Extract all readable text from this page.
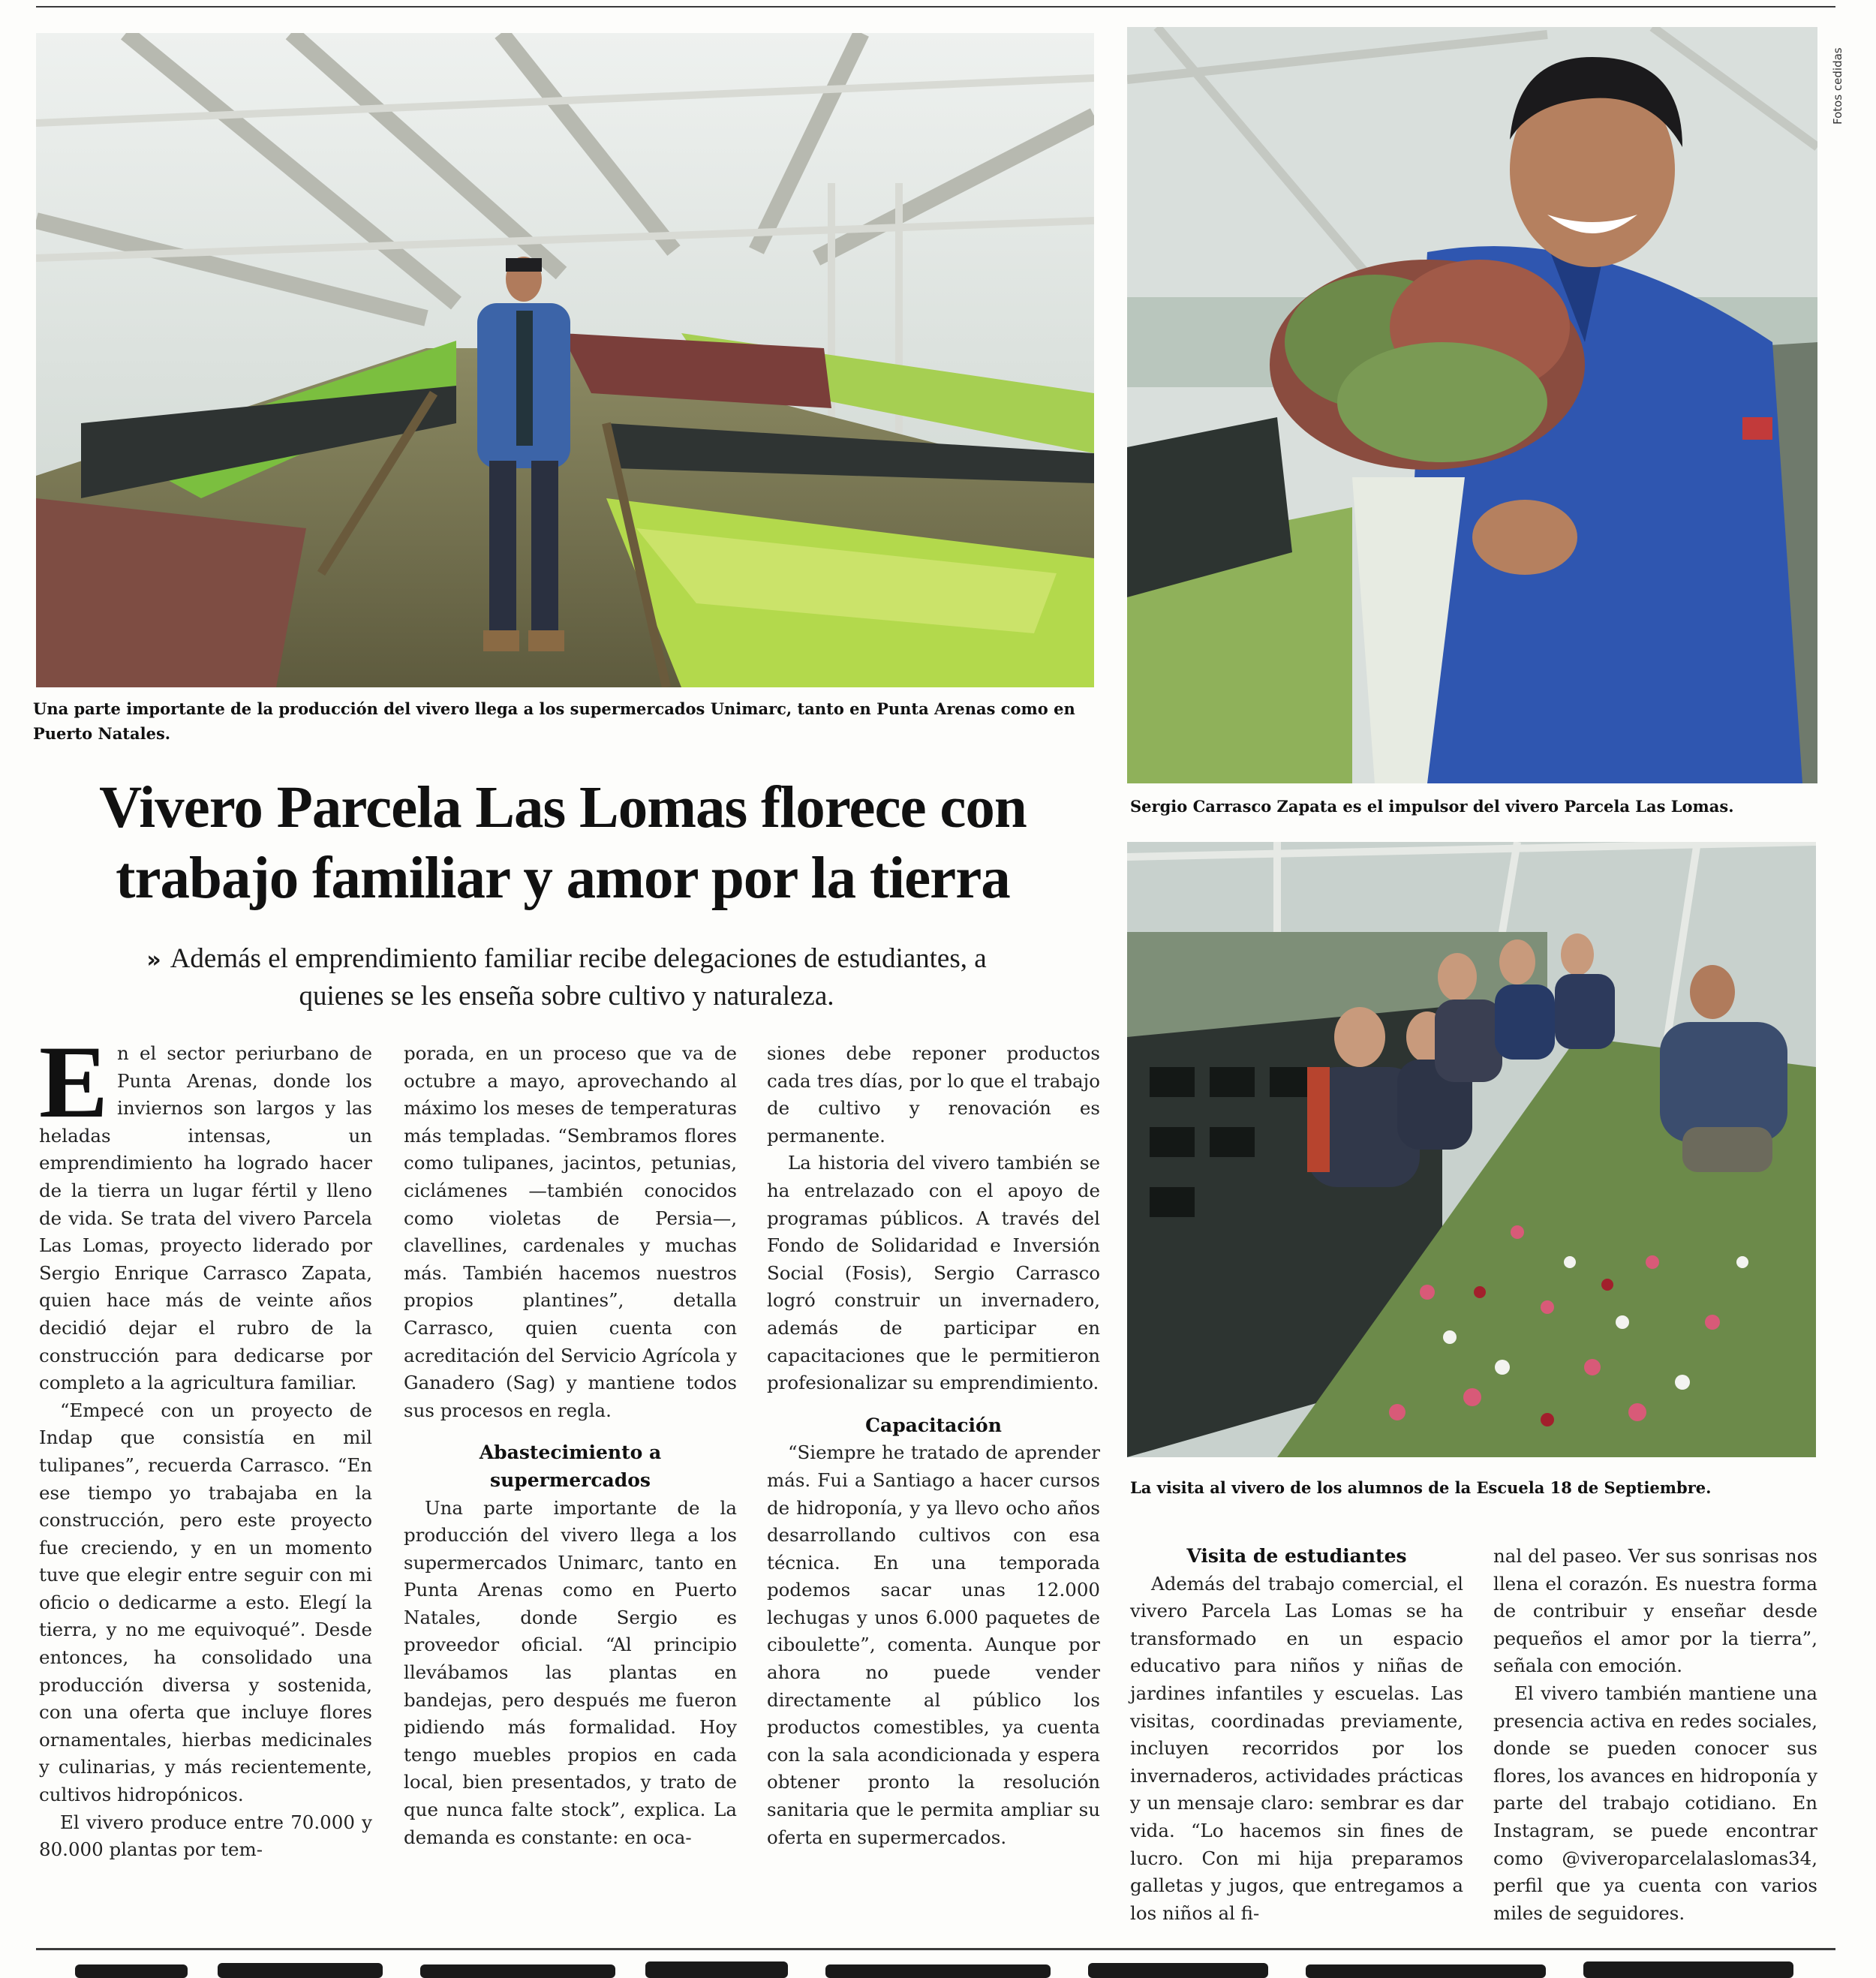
Una parte importante de la producción del vivero llega a los supermercados Unimarc, tanto en Punta Arenas como en Puerto Natales.

Fotos cedidas

Sergio Carrasco Zapata es el impulsor del vivero Parcela Las Lomas.

La visita al vivero de los alumnos de la Escuela 18 de Septiembre.

Vivero Parcela Las Lomas florece con trabajo familiar y amor por la tierra

» Además el emprendimiento familiar recibe delegaciones de estudiantes, a quienes se les enseña sobre cultivo y naturaleza.

En el sector periurbano de Punta Arenas, donde los inviernos son largos y las heladas intensas, un emprendimiento ha logrado hacer de la tierra un lugar fértil y lleno de vida. Se trata del vivero Parcela Las Lomas, proyecto liderado por Sergio Enrique Carrasco Zapata, quien hace más de veinte años decidió dejar el rubro de la construcción para dedicarse por completo a la agricultura familiar.

“Empecé con un proyecto de Indap que consistía en mil tulipanes”, recuerda Carrasco. “En ese tiempo yo trabajaba en la construcción, pero este proyecto fue creciendo, y en un momento tuve que elegir entre seguir con mi oficio o dedicarme a esto. Elegí la tierra, y no me equivoqué”. Desde entonces, ha consolidado una producción diversa y sostenida, con una oferta que incluye flores ornamentales, hierbas medicinales y culinarias, y más recientemente, cultivos hidropónicos.

El vivero produce entre 70.000 y 80.000 plantas por tem-

porada, en un proceso que va de octubre a mayo, aprovechando al máximo los meses de temperaturas más templadas. “Sembramos flores como tulipanes, jacintos, petunias, ciclámenes —también conocidos como violetas de Persia—, clavellines, cardenales y muchas más. También hacemos nuestros propios plantines”, detalla Carrasco, quien cuenta con acreditación del Servicio Agrícola y Ganadero (Sag) y mantiene todos sus procesos en regla.

Abastecimiento a supermercados

Una parte importante de la producción del vivero llega a los supermercados Unimarc, tanto en Punta Arenas como en Puerto Natales, donde Sergio es proveedor oficial. “Al principio llevábamos las plantas en bandejas, pero después me fueron pidiendo más formalidad. Hoy tengo muebles propios en cada local, bien presentados, y trato de que nunca falte stock”, explica. La demanda es constante: en oca-

siones debe reponer productos cada tres días, por lo que el trabajo de cultivo y renovación es permanente.

La historia del vivero también se ha entrelazado con el apoyo de programas públicos. A través del Fondo de Solidaridad e Inversión Social (Fosis), Sergio Carrasco logró construir un invernadero, además de participar en capacitaciones que le permitieron profesionalizar su emprendimiento.

Capacitación

“Siempre he tratado de aprender más. Fui a Santiago a hacer cursos de hidroponía, y ya llevo ocho años desarrollando cultivos con esa técnica. En una temporada podemos sacar unas 12.000 lechugas y unos 6.000 paquetes de ciboulette”, comenta. Aunque por ahora no puede vender directamente al público los productos comestibles, ya cuenta con la sala acondicionada y espera obtener pronto la resolución sanitaria que le permita ampliar su oferta en supermercados.

Visita de estudiantes

Además del trabajo comercial, el vivero Parcela Las Lomas se ha transformado en un espacio educativo para niños y niñas de jardines infantiles y escuelas. Las visitas, coordinadas previamente, incluyen recorridos por los invernaderos, actividades prácticas y un mensaje claro: sembrar es dar vida. “Lo hacemos sin fines de lucro. Con mi hija preparamos galletas y jugos, que entregamos a los niños al fi-

nal del paseo. Ver sus sonrisas nos llena el corazón. Es nuestra forma de contribuir y enseñar desde pequeños el amor por la tierra”, señala con emoción.

El vivero también mantiene una presencia activa en redes sociales, donde se pueden conocer sus flores, los avances en hidroponía y parte del trabajo cotidiano. En Instagram, se puede encontrar como @viveroparcelalaslomas34, perfil que ya cuenta con varios miles de seguidores.
